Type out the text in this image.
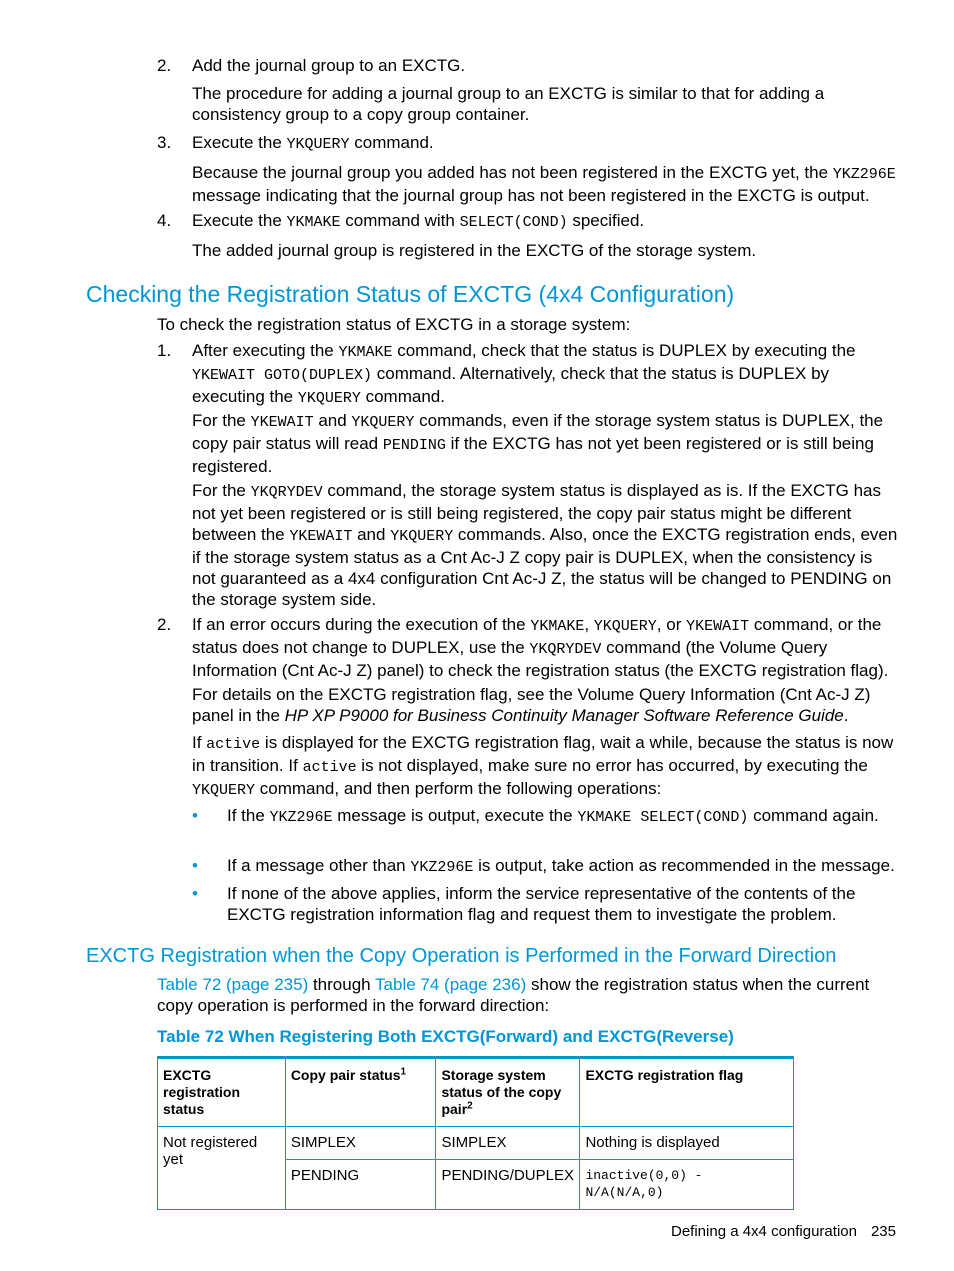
2. Add the journal group to an EXCTG.
The procedure for adding a journal group to an EXCTG is similar to that for adding a consistency group to a copy group container.
3. Execute the YKQUERY command.
Because the journal group you added has not been registered in the EXCTG yet, the YKZ296E message indicating that the journal group has not been registered in the EXCTG is output.
4. Execute the YKMAKE command with SELECT(COND) specified.
The added journal group is registered in the EXCTG of the storage system.
Checking the Registration Status of EXCTG (4x4 Configuration)
To check the registration status of EXCTG in a storage system:
1. After executing the YKMAKE command, check that the status is DUPLEX by executing the YKEWAIT GOTO(DUPLEX) command. Alternatively, check that the status is DUPLEX by executing the YKQUERY command.
For the YKEWAIT and YKQUERY commands, even if the storage system status is DUPLEX, the copy pair status will read PENDING if the EXCTG has not yet been registered or is still being registered.
For the YKQRYDEV command, the storage system status is displayed as is. If the EXCTG has not yet been registered or is still being registered, the copy pair status might be different between the YKEWAIT and YKQUERY commands. Also, once the EXCTG registration ends, even if the storage system status as a Cnt Ac-J Z copy pair is DUPLEX, when the consistency is not guaranteed as a 4x4 configuration Cnt Ac-J Z, the status will be changed to PENDING on the storage system side.
2. If an error occurs during the execution of the YKMAKE, YKQUERY, or YKEWAIT command, or the status does not change to DUPLEX, use the YKQRYDEV command (the Volume Query Information (Cnt Ac-J Z) panel) to check the registration status (the EXCTG registration flag).
For details on the EXCTG registration flag, see the Volume Query Information (Cnt Ac-J Z) panel in the HP XP P9000 for Business Continuity Manager Software Reference Guide.
If active is displayed for the EXCTG registration flag, wait a while, because the status is now in transition. If active is not displayed, make sure no error has occurred, by executing the YKQUERY command, and then perform the following operations:
• If the YKZ296E message is output, execute the YKMAKE SELECT(COND) command again.
• If a message other than YKZ296E is output, take action as recommended in the message.
• If none of the above applies, inform the service representative of the contents of the EXCTG registration information flag and request them to investigate the problem.
EXCTG Registration when the Copy Operation is Performed in the Forward Direction
Table 72 (page 235) through Table 74 (page 236) show the registration status when the current copy operation is performed in the forward direction:
Table 72 When Registering Both EXCTG(Forward) and EXCTG(Reverse)
EXCTG registration status	Copy pair status$^1$	Storage system status of the copy pair$^2$	EXCTG registration flag
Not registered yet	SIMPLEX	SIMPLEX	Nothing is displayed
	PENDING	PENDING/DUPLEX	inactive(0,0) - N/A(N/A,0)
Defining a 4x4 configuration 235
